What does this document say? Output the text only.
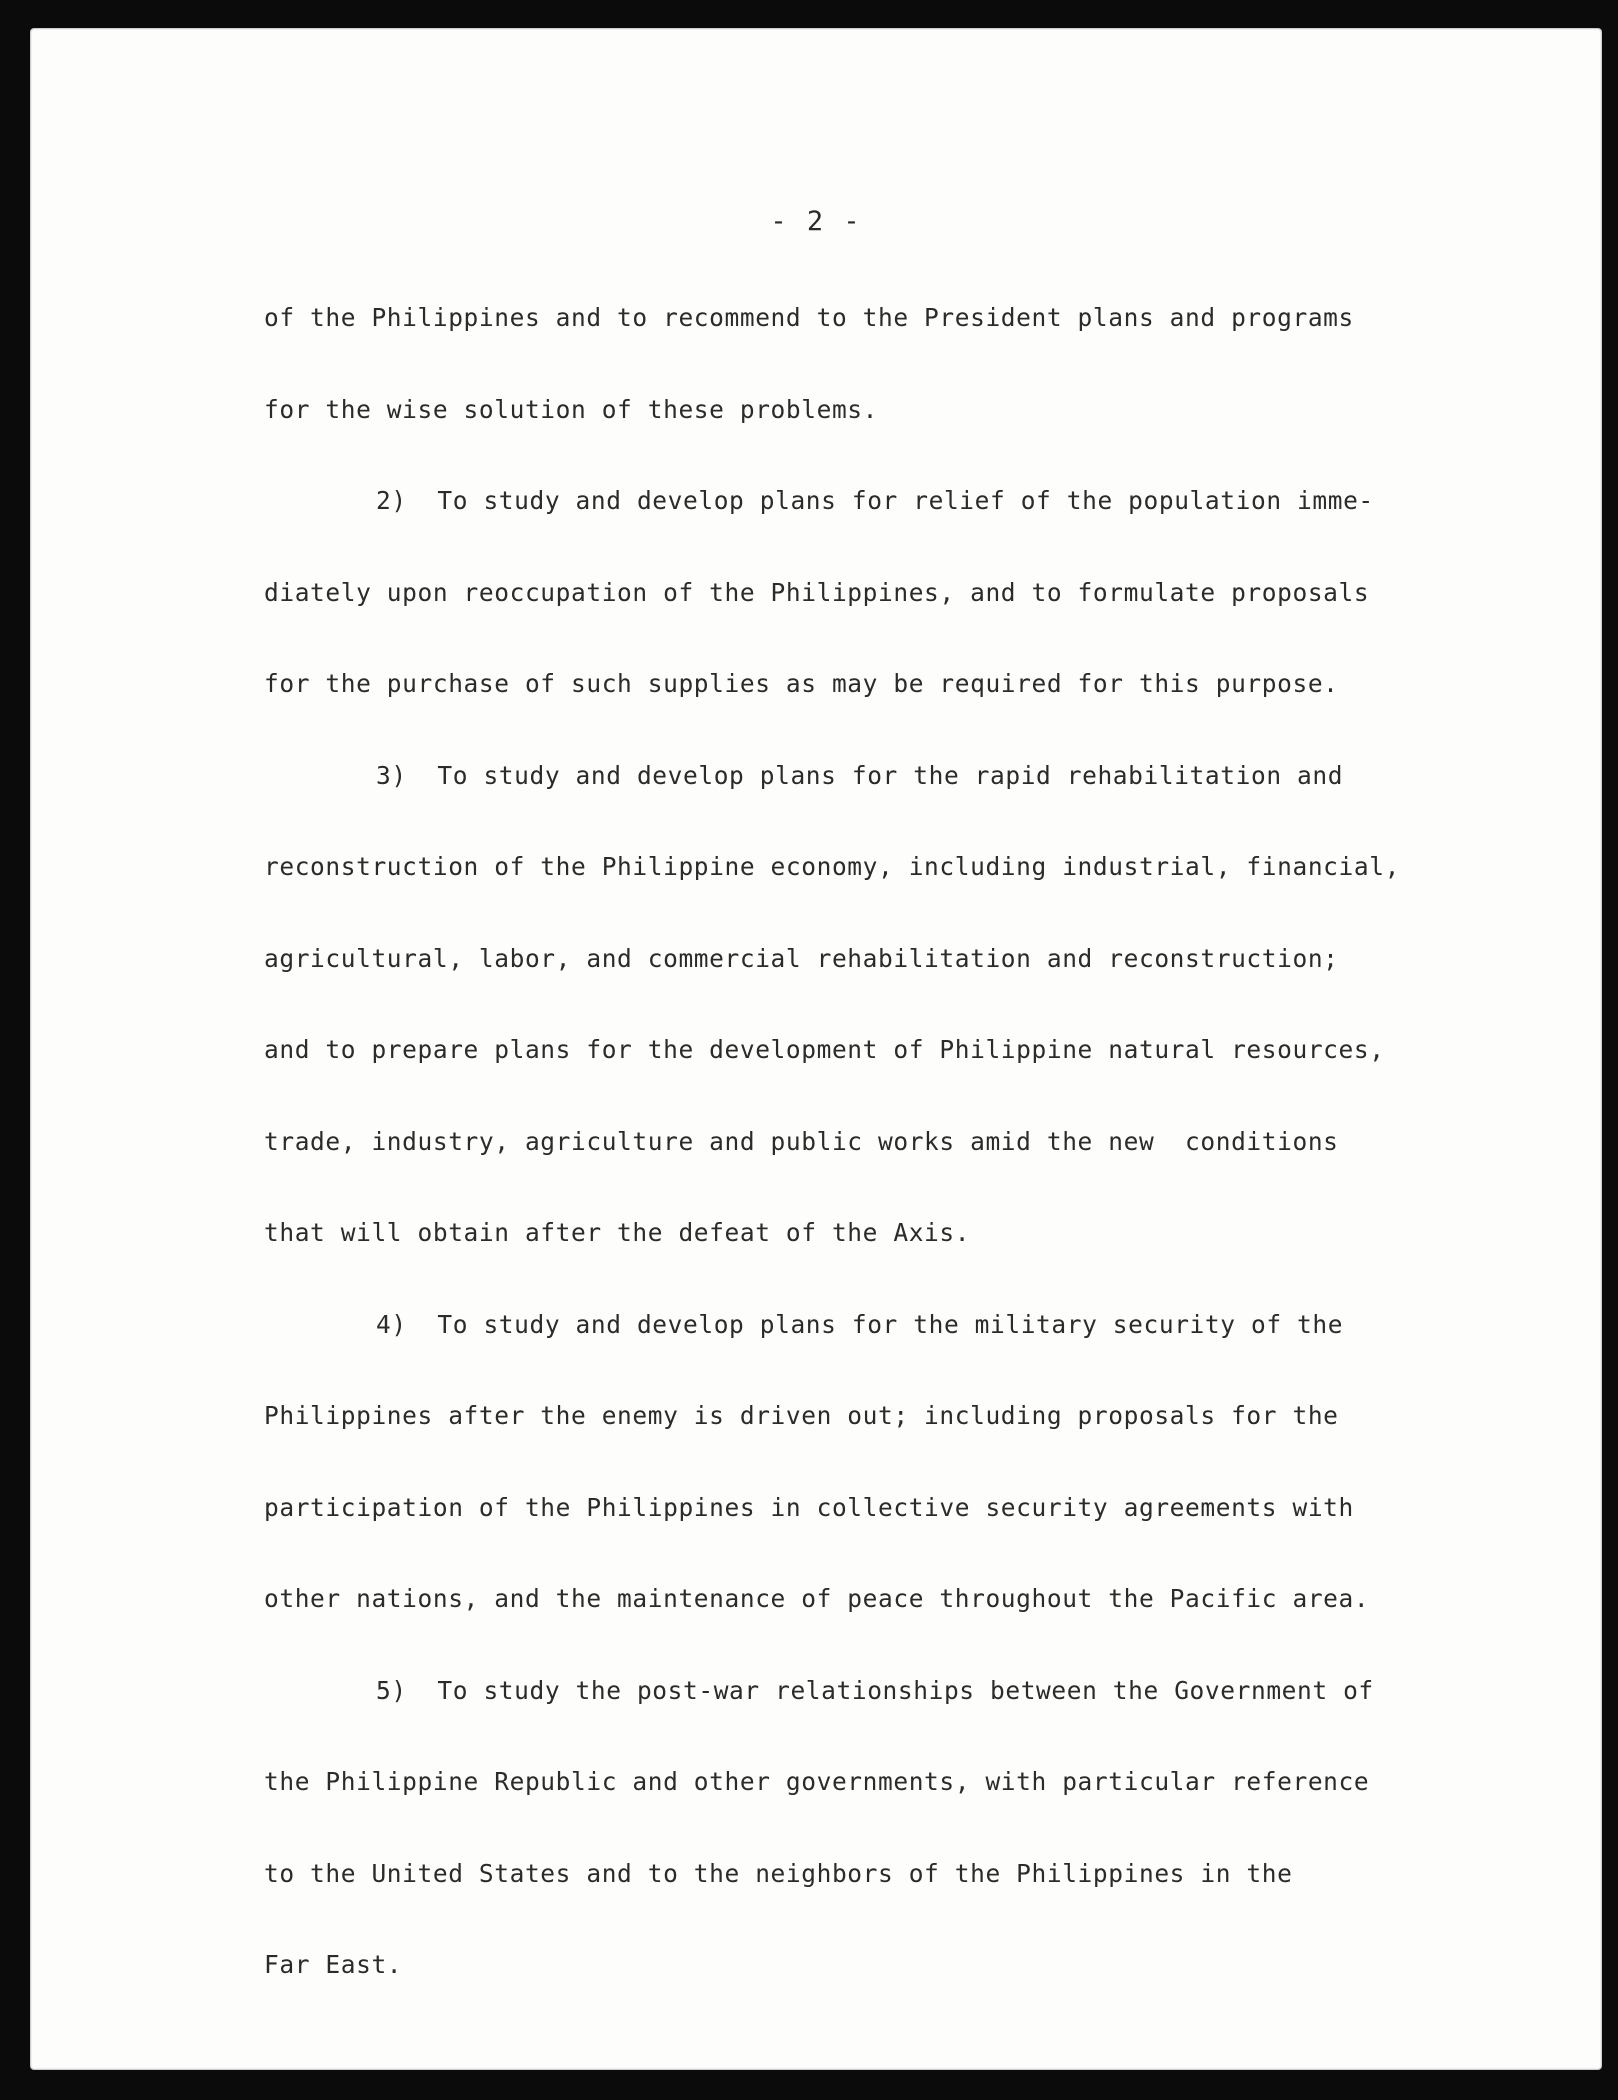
- 2 -
of the Philippines and to recommend to the President plans and programs
for the wise solution of these problems.
2)  To study and develop plans for relief of the population imme-
diately upon reoccupation of the Philippines, and to formulate proposals
for the purchase of such supplies as may be required for this purpose.
3)  To study and develop plans for the rapid rehabilitation and
reconstruction of the Philippine economy, including industrial, financial,
agricultural, labor, and commercial rehabilitation and reconstruction;
and to prepare plans for the development of Philippine natural resources,
trade, industry, agriculture and public works amid the new  conditions
that will obtain after the defeat of the Axis.
4)  To study and develop plans for the military security of the
Philippines after the enemy is driven out; including proposals for the
participation of the Philippines in collective security agreements with
other nations, and the maintenance of peace throughout the Pacific area.
5)  To study the post-war relationships between the Government of
the Philippine Republic and other governments, with particular reference
to the United States and to the neighbors of the Philippines in the
Far East.
